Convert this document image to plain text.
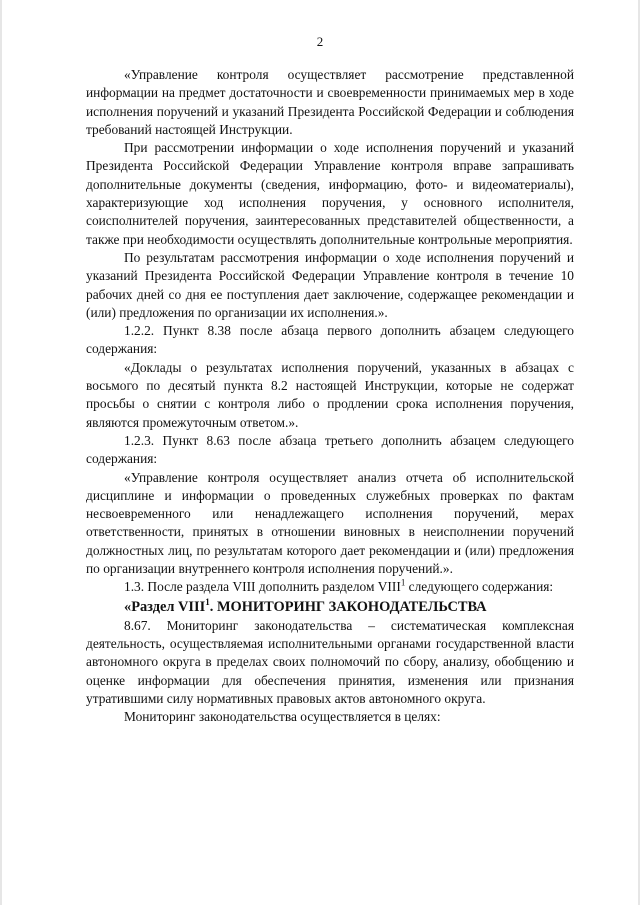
2

«Управление контроля осуществляет рассмотрение представленной информации на предмет достаточности и своевременности принимаемых мер в ходе исполнения поручений и указаний Президента Российской Федерации и соблюдения требований настоящей Инструкции.

При рассмотрении информации о ходе исполнения поручений и указаний Президента Российской Федерации Управление контроля вправе запрашивать дополнительные документы (сведения, информацию, фото- и видеоматериалы), характеризующие ход исполнения поручения, у основного исполнителя, соисполнителей поручения, заинтересованных представителей общественности, а также при необходимости осуществлять дополнительные контрольные мероприятия.

По результатам рассмотрения информации о ходе исполнения поручений и указаний Президента Российской Федерации Управление контроля в течение 10 рабочих дней со дня ее поступления дает заключение, содержащее рекомендации и (или) предложения по организации их исполнения.».

1.2.2. Пункт 8.38 после абзаца первого дополнить абзацем следующего содержания:

«Доклады о результатах исполнения поручений, указанных в абзацах с восьмого по десятый пункта 8.2 настоящей Инструкции, которые не содержат просьбы о снятии с контроля либо о продлении срока исполнения поручения, являются промежуточным ответом.».

1.2.3. Пункт 8.63 после абзаца третьего дополнить абзацем следующего содержания:

«Управление контроля осуществляет анализ отчета об исполнительской дисциплине и информации о проведенных служебных проверках по фактам несвоевременного или ненадлежащего исполнения поручений, мерах ответственности, принятых в отношении виновных в неисполнении поручений должностных лиц, по результатам которого дает рекомендации и (или) предложения по организации внутреннего контроля исполнения поручений.».

1.3. После раздела VIII дополнить разделом VIII$^1$ следующего содержания:

«Раздел VIII$^1$. МОНИТОРИНГ ЗАКОНОДАТЕЛЬСТВА

8.67. Мониторинг законодательства – систематическая комплексная деятельность, осуществляемая исполнительными органами государственной власти автономного округа в пределах своих полномочий по сбору, анализу, обобщению и оценке информации для обеспечения принятия, изменения или признания утратившими силу нормативных правовых актов автономного округа.

Мониторинг законодательства осуществляется в целях:
